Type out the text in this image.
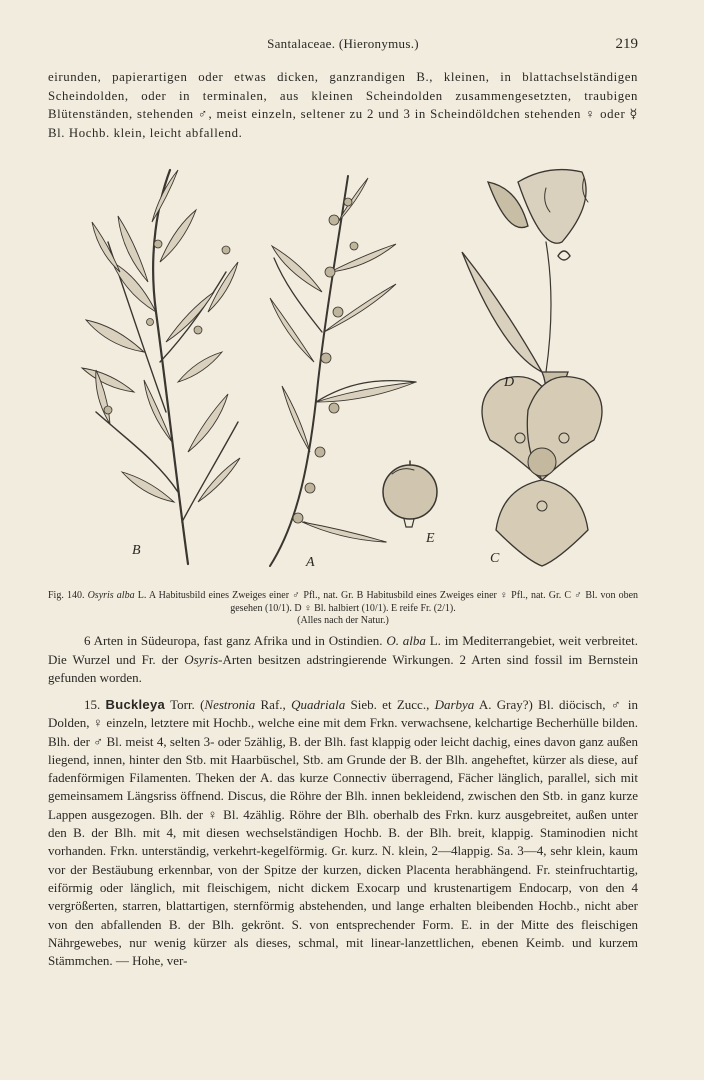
Santalaceae. (Hieronymus.)	219

eirunden, papierartigen oder etwas dicken, ganzrandigen B., kleinen, in blattachselständigen Scheindolden, oder in terminalen, aus kleinen Scheindolden zusammengesetzten, traubigen Blütenständen, stehenden ♂, meist einzeln, seltener zu 2 und 3 in Scheindöldchen stehenden ♀ oder ☿ Bl. Hochb. klein, leicht abfallend.

B
A
E
D
C
Fig. 140. Osyris alba L. A Habitusbild eines Zweiges einer ♂ Pfl., nat. Gr. B Habitusbild eines Zweiges einer ♀ Pfl., nat. Gr. C ♂ Bl. von oben gesehen (10/1). D ♀ Bl. halbiert (10/1). E reife Fr. (2/1).
(Alles nach der Natur.)

6 Arten in Südeuropa, fast ganz Afrika und in Ostindien. O. alba L. im Mediterrangebiet, weit verbreitet. Die Wurzel und Fr. der Osyris-Arten besitzen adstringierende Wirkungen. 2 Arten sind fossil im Bernstein gefunden worden.

15. Buckleya Torr. (Nestronia Raf., Quadriala Sieb. et Zucc., Darbya A. Gray?) Bl. diöcisch, ♂ in Dolden, ♀ einzeln, letztere mit Hochb., welche eine mit dem Frkn. verwachsene, kelchartige Becherhülle bilden. Blh. der ♂ Bl. meist 4, selten 3- oder 5zählig, B. der Blh. fast klappig oder leicht dachig, eines davon ganz außen liegend, innen, hinter den Stb. mit Haarbüschel, Stb. am Grunde der B. der Blh. angeheftet, kürzer als diese, auf fadenförmigen Filamenten. Theken der A. das kurze Connectiv überragend, Fächer länglich, parallel, sich mit gemeinsamem Längsriss öffnend. Discus, die Röhre der Blh. innen bekleidend, zwischen den Stb. in ganz kurze Lappen ausgezogen. Blh. der ♀ Bl. 4zählig. Röhre der Blh. oberhalb des Frkn. kurz ausgebreitet, außen unter den B. der Blh. mit 4, mit diesen wechselständigen Hochb. B. der Blh. breit, klappig. Staminodien nicht vorhanden. Frkn. unterständig, verkehrt-kegelförmig. Gr. kurz. N. klein, 2—4lappig. Sa. 3—4, sehr klein, kaum vor der Bestäubung erkennbar, von der Spitze der kurzen, dicken Placenta herabhängend. Fr. steinfruchtartig, eiförmig oder länglich, mit fleischigem, nicht dickem Exocarp und krustenartigem Endocarp, von den 4 vergrößerten, starren, blattartigen, sternförmig abstehenden, und lange erhalten bleibenden Hochb., nicht aber von den abfallenden B. der Blh. gekrönt. S. von entsprechender Form. E. in der Mitte des fleischigen Nährgewebes, nur wenig kürzer als dieses, schmal, mit linear-lanzettlichen, ebenen Keimb. und kurzem Stämmchen. — Hohe, ver-
